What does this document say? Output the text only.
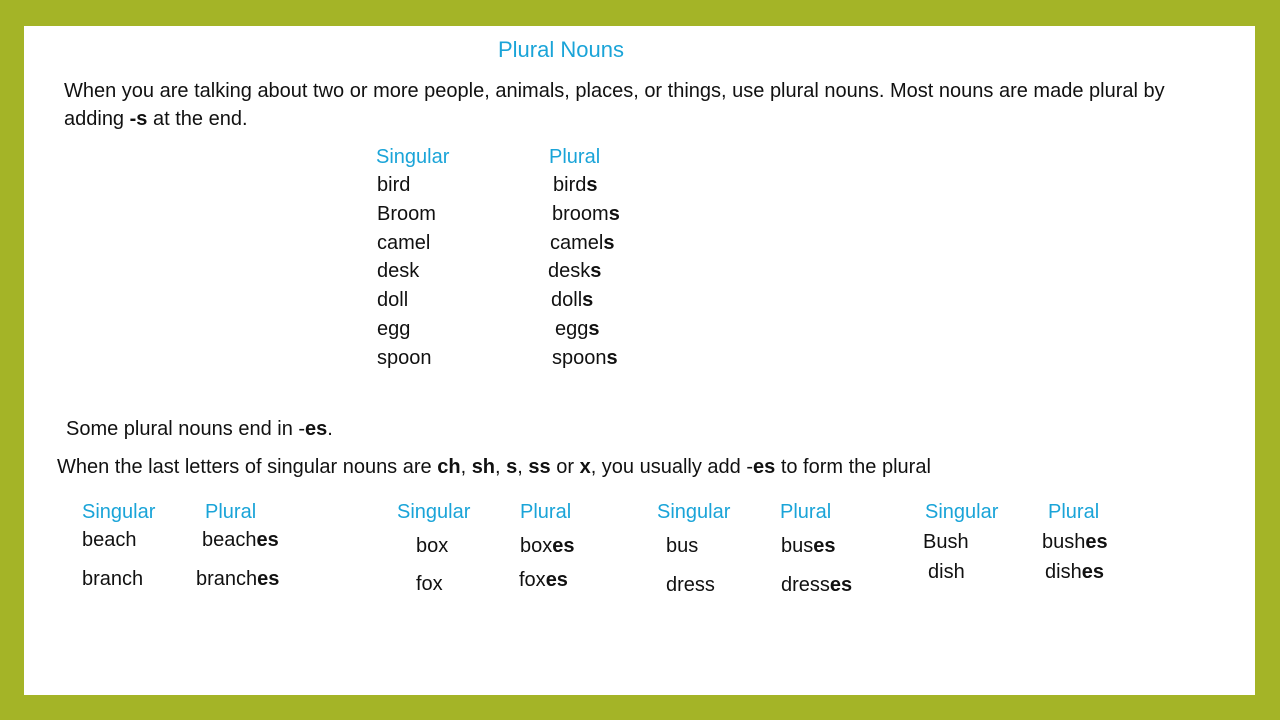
Plural Nouns
When you are talking about two or more people, animals, places, or things, use plural nouns. Most nouns are made plural by adding -s at the end.
Singular	Plural
bird	birds
Broom	brooms
camel	camels
desk	desks
doll	dolls
egg	eggs
spoon	spoons
Some plural nouns end in -es.
When the last letters of singular nouns are ch, sh, s, ss or x, you usually add -es to form the plural
Singular Plural
beach	beaches
branch	branches
Singular Plural
box	boxes
fox	foxes
Singular Plural
bus	buses
dress	dresses
Singular Plural
Bush	bushes
dish	dishes
